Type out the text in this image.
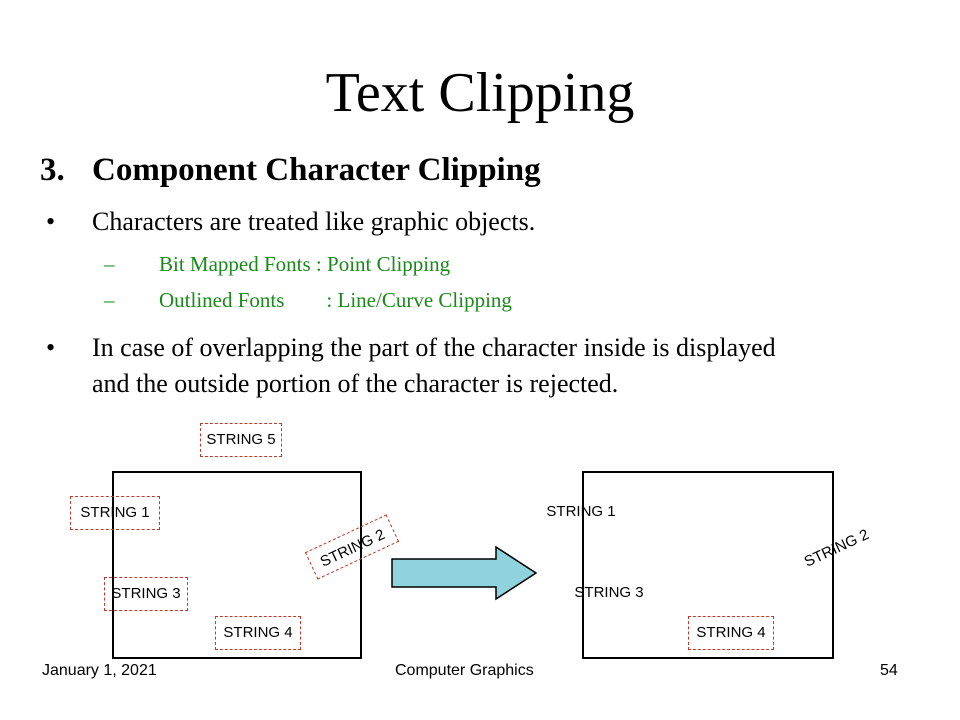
Text Clipping
3. Component Character Clipping
• Characters are treated like graphic objects.
– Bit Mapped Fonts : Point Clipping
– Outlined Fonts        : Line/Curve Clipping
• In case of overlapping the part of the character inside is displayed
and the outside portion of the character is rejected.
STRING 5
STRING 1
STRING 2
STRING 3
STRING 4
STRING 1
STRING 3
STRING 2
STRING 4
January 1, 2021	Computer Graphics	54
